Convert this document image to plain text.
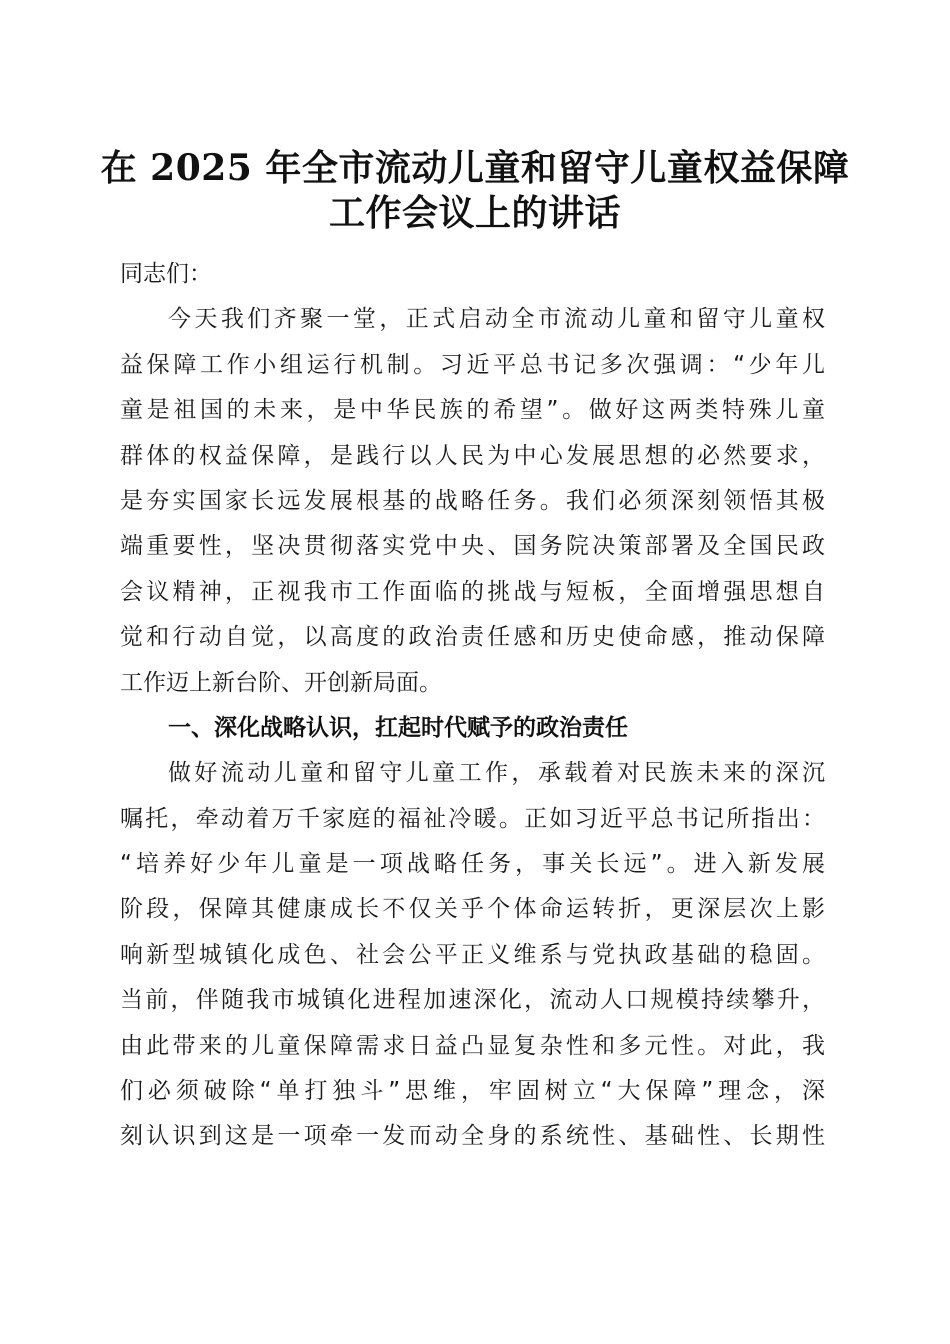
在 2025 年全市流动儿童和留守儿童权益保障
工作会议上的讲话
同志们：
今天我们齐聚一堂，正式启动全市流动儿童和留守儿童权
益保障工作小组运行机制。习近平总书记多次强调：“少年儿
童是祖国的未来，是中华民族的希望”。做好这两类特殊儿童
群体的权益保障，是践行以人民为中心发展思想的必然要求，
是夯实国家长远发展根基的战略任务。我们必须深刻领悟其极
端重要性，坚决贯彻落实党中央、国务院决策部署及全国民政
会议精神，正视我市工作面临的挑战与短板，全面增强思想自
觉和行动自觉，以高度的政治责任感和历史使命感，推动保障
工作迈上新台阶、开创新局面。
一、深化战略认识，扛起时代赋予的政治责任
做好流动儿童和留守儿童工作，承载着对民族未来的深沉
嘱托，牵动着万千家庭的福祉冷暖。正如习近平总书记所指出：
“培养好少年儿童是一项战略任务，事关长远”。进入新发展
阶段，保障其健康成长不仅关乎个体命运转折，更深层次上影
响新型城镇化成色、社会公平正义维系与党执政基础的稳固。
当前，伴随我市城镇化进程加速深化，流动人口规模持续攀升，
由此带来的儿童保障需求日益凸显复杂性和多元性。对此，我
们必须破除“单打独斗”思维，牢固树立“大保障”理念，深
刻认识到这是一项牵一发而动全身的系统性、基础性、长期性
